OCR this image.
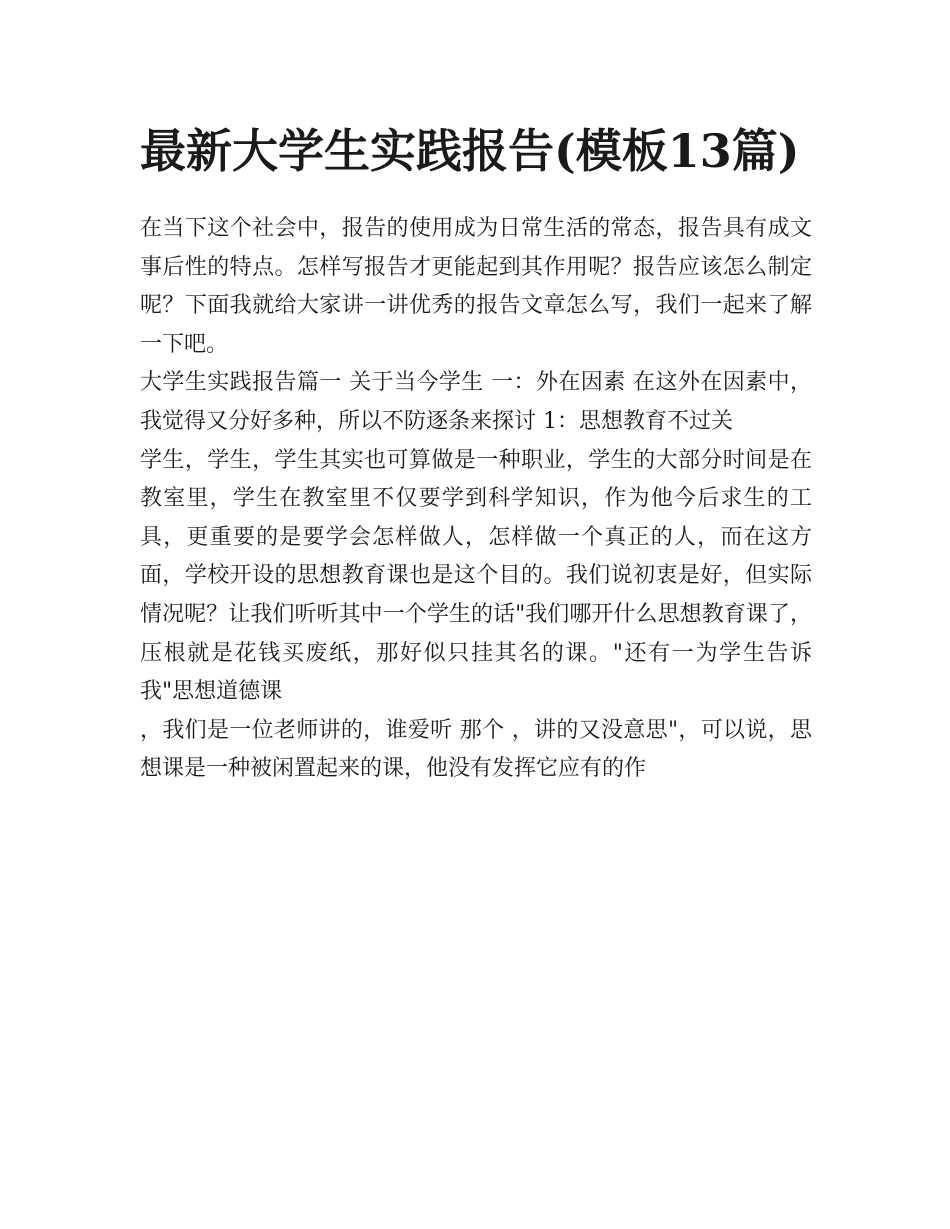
最新大学生实践报告(模板13篇)

在当下这个社会中，报告的使用成为日常生活的常态，报告具有成文事后性的特点。怎样写报告才更能起到其作用呢？报告应该怎么制定呢？下面我就给大家讲一讲优秀的报告文章怎么写，我们一起来了解一下吧。

大学生实践报告篇一 关于当今学生 一：外在因素 在这外在因素中，我觉得又分好多种，所以不防逐条来探讨 1：思想教育不过关

学生，学生，学生其实也可算做是一种职业，学生的大部分时间是在教室里，学生在教室里不仅要学到科学知识，作为他今后求生的工具，更重要的是要学会怎样做人，怎样做一个真正的人，而在这方面，学校开设的思想教育课也是这个目的。我们说初衷是好，但实际情况呢？让我们听听其中一个学生的话"我们哪开什么思想教育课了，压根就是花钱买废纸，那好似只挂其名的课。"还有一为学生告诉我"思想道德课

，我们是一位老师讲的，谁爱听 那个 ，讲的又没意思"，可以说，思想课是一种被闲置起来的课，他没有发挥它应有的作
